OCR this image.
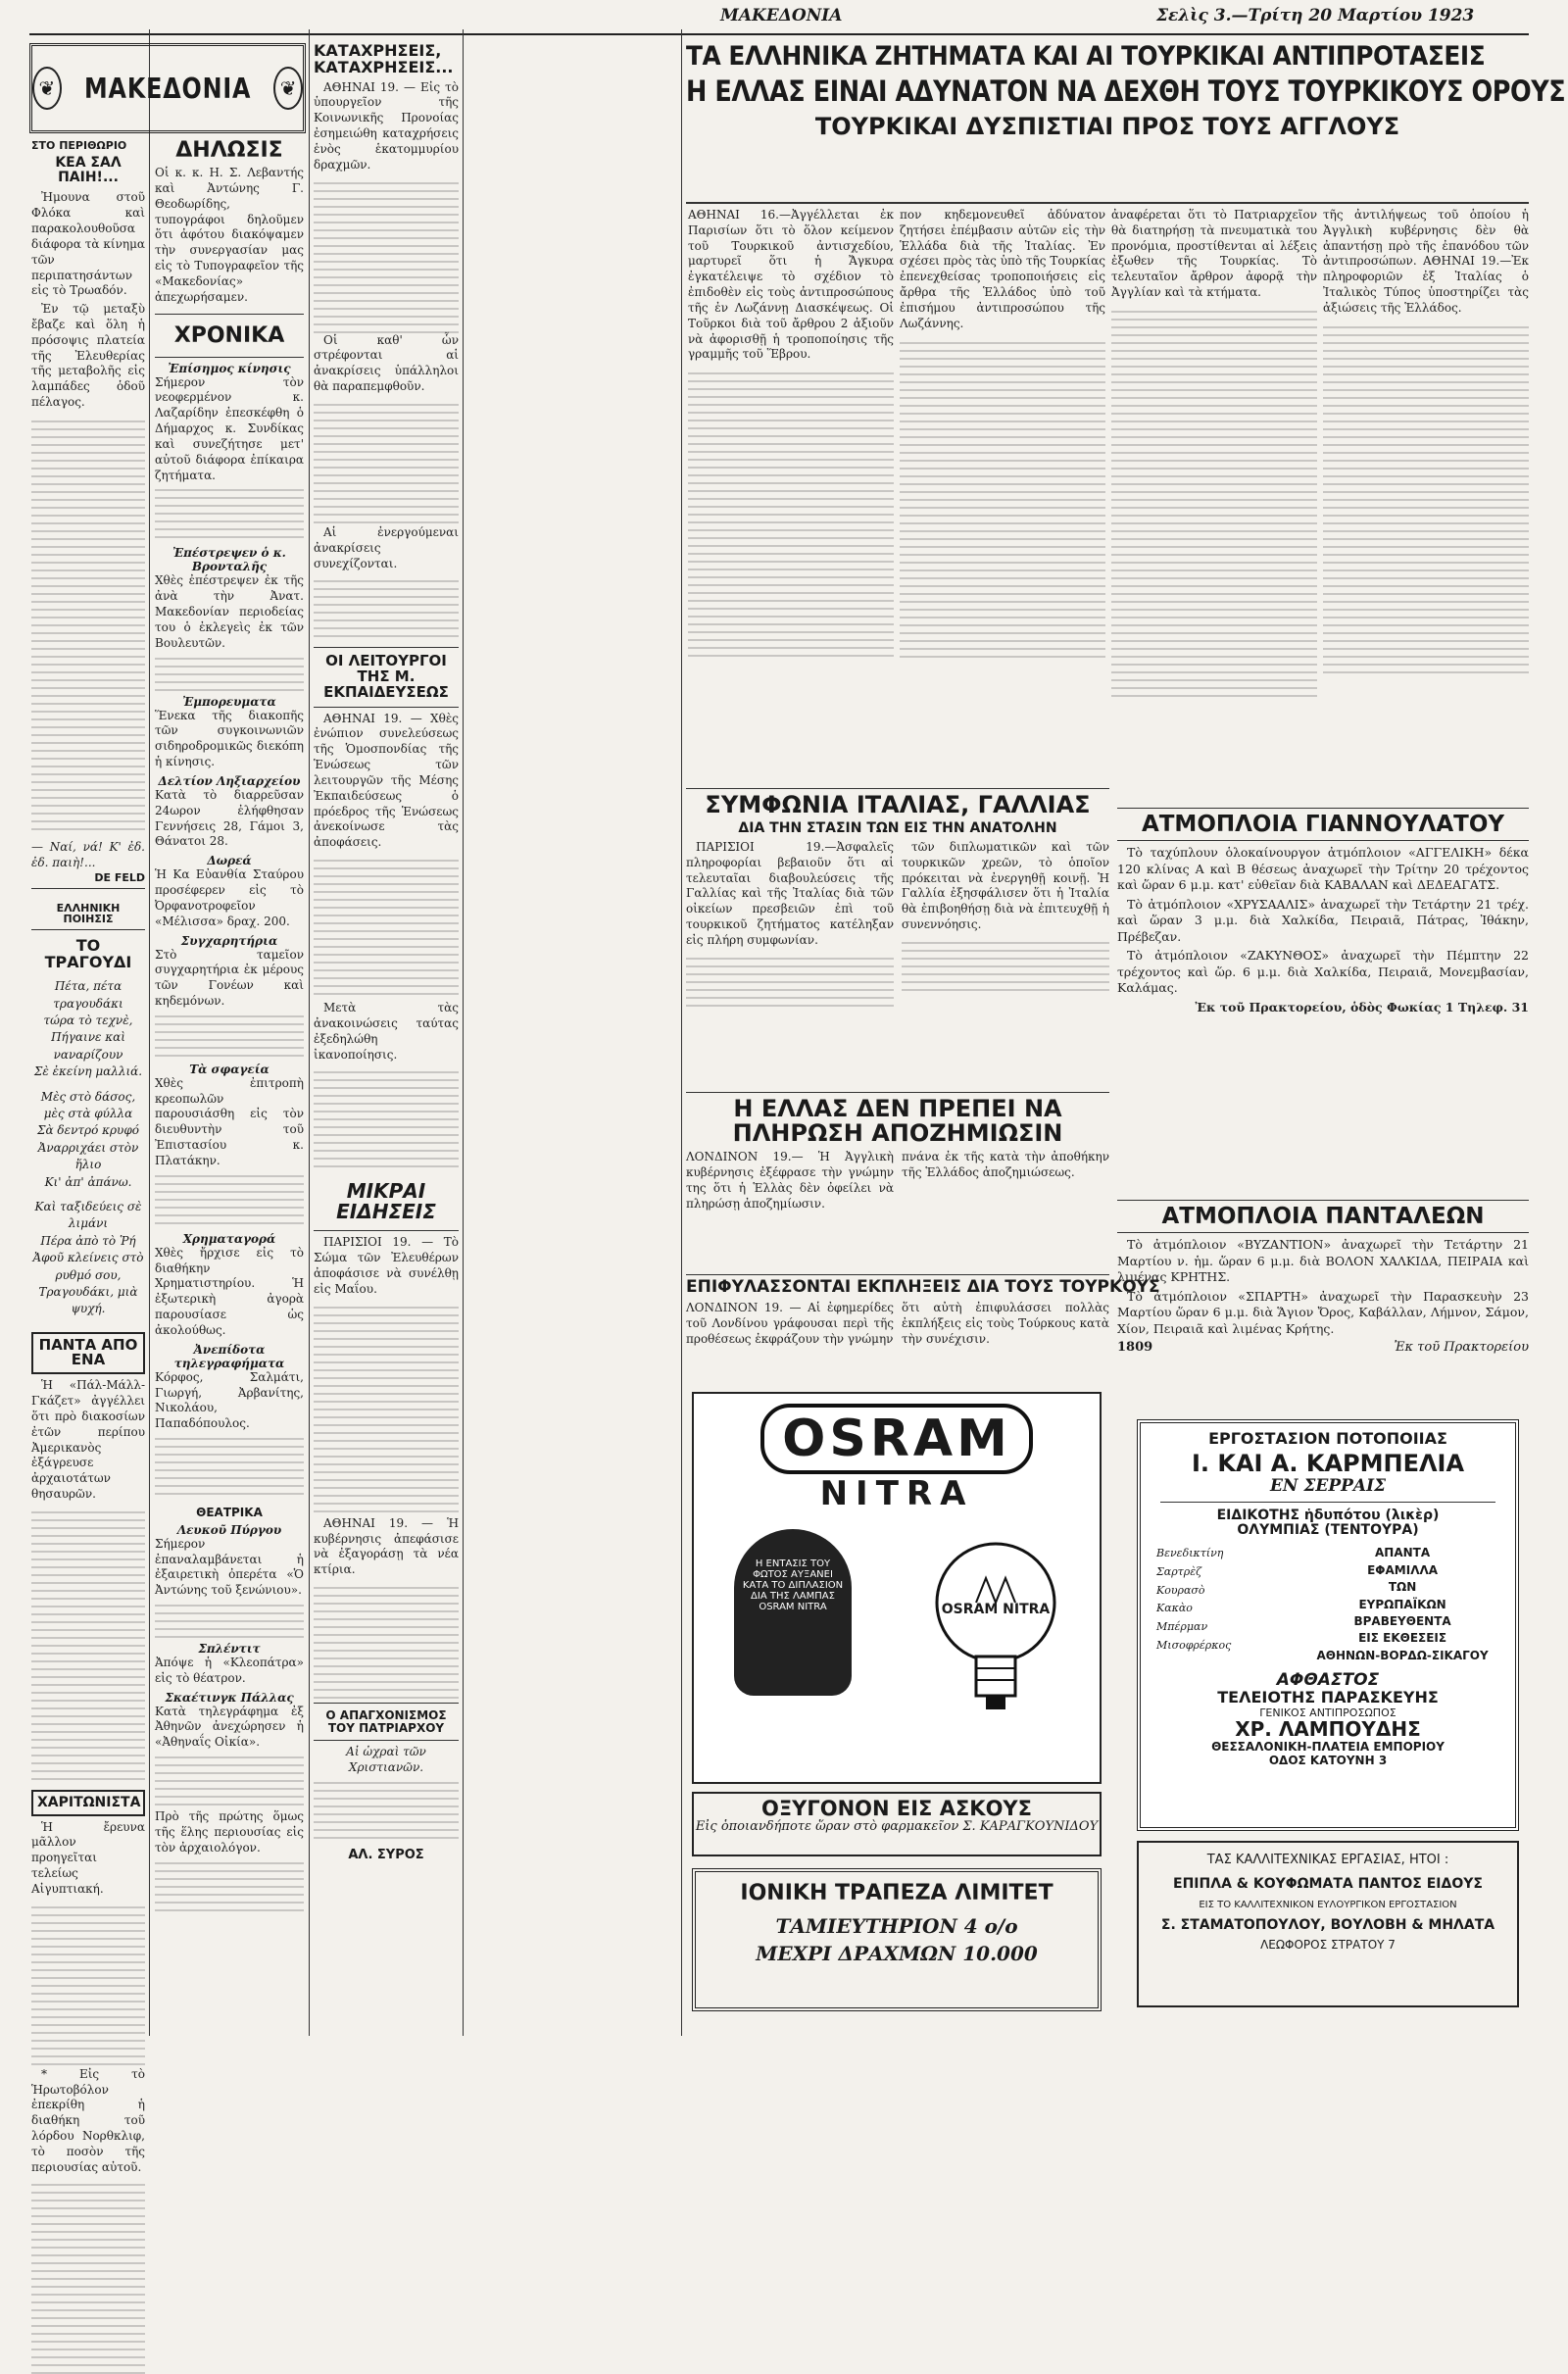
ΜΑΚΕΔΟΝΙΑ	Σελὶς 3.—Τρίτη 20 Μαρτίου 1923
❦ ΜΑΚΕΔΟΝΙΑ	❦
ΣΤΟ ΠΕΡΙΘΩΡΙΟ
ΚΕΑ ΣΑΛ ΠΑΙΗ!...

Ἠμουνα στοῦ Φλόκα καὶ παρακολουθοῦσα διάφορα τὰ κίνημα τῶν περιπατησάντων εἰς τὸ Τρωαδόν.

Ἐν τῷ μεταξὺ ἔβαζε καὶ ὅλη ἡ πρόσοψις πλατεία τῆς Ἐλευθερίας τῆς μεταβολῆς εἰς λαμπάδες ὁδοῦ πέλαγος.

— Ναί, νά! Κ' ἐδ. ἐδ. παιὴ!...
DE FELD
ΕΛΛΗΝΙΚΗ ΠΟΙΗΣΙΣ
ΤΟ ΤΡΑΓΟΥΔΙ
Πέτα, πέτα τραγουδάκι
τώρα τὸ τεχνὲ,
Πήγαινε καὶ ναναρίζουν
Σὲ ἐκείνη μαλλιά.
Μὲς στὸ δάσος, μὲς στὰ φύλλα
Σὰ δεντρό κρυφό
Ἀναρριχάει στὸν ἥλιο
Κι' ἀπ' ἀπάνω.
Καὶ ταξιδεύεις σὲ λιμάνι
Πέρα ἀπὸ τὸ Ῥή
Ἀφοῦ κλείνεις στὸ ρυθμό σου,
Τραγουδάκι, μιὰ ψυχή.
ΠΑΝΤΑ ΑΠΟ ΕΝΑ

Ἡ «Πάλ-Μάλλ-Γκάζετ» ἀγγέλλει ὅτι πρὸ διακοσίων ἐτῶν περίπου Ἀμερικανὸς ἐξάγρευσε ἀρχαιοτάτων θησαυρῶν.

ΧΑΡΙΤΩΝΙΣΤΑ

Ἡ ἔρευνα μᾶλλον προηγεῖται τελείως Αἰγυπτιακή.

* Εἰς τὸ Ἡρωτοβόλον ἐπεκρίθη ἡ διαθήκη τοῦ λόρδου Νορθκλιφ, τὸ ποσὸν τῆς περιουσίας αὐτοῦ.

ΔΗΛΩΣΙΣ
Οἱ κ. κ. Η. Σ. Λεβαντής καὶ Ἀντώνης Γ. Θεοδωρίδης, τυπογράφοι δηλοῦμεν ὅτι ἀφότου διακόψαμεν τὴν συνεργασίαν μας εἰς τὸ Τυπογραφεῖον τῆς «Μακεδονίας» ἀπεχωρήσαμεν.
ΧΡΟΝΙΚΑ
Ἐπίσημος κίνησις
Σήμερον τὸν νεοφερμένον κ. Λαζαρίδην ἐπεσκέφθη ὁ Δήμαρχος κ. Συνδίκας καὶ συνεζήτησε μετ' αὐτοῦ διάφορα ἐπίκαιρα ζητήματα.
Ἐπέστρεψεν ὁ κ. Βρονταλῆς
Χθὲς ἐπέστρεψεν ἐκ τῆς ἀνὰ τὴν Ἀνατ. Μακεδονίαν περιοδείας του ὁ ἐκλεγεὶς ἐκ τῶν Βουλευτῶν.
Ἐμπορευματα
Ἕνεκα τῆς διακοπῆς τῶν συγκοινωνιῶν σιδηροδρομικῶς διεκόπη ἡ κίνησις.
Δελτίον Ληξιαρχείου
Κατὰ τὸ διαρρεῦσαν 24ωρον ἐλήφθησαν Γεννήσεις 28, Γάμοι 3, Θάνατοι 28.
Δωρεά
Ἡ Κα Εὐανθία Σταύρου προσέφερεν εἰς τὸ Ὀρφανοτροφεῖον «Μέλισσα» δραχ. 200.
Συγχαρητήρια
Στὸ ταμεῖον συγχαρητήρια ἐκ μέρους τῶν Γονέων καὶ κηδεμόνων.
Τὰ σφαγεία
Χθὲς ἐπιτροπὴ κρεοπωλῶν παρουσιάσθη εἰς τὸν διευθυντὴν τοῦ Ἐπιστασίου κ. Πλατάκην.
Χρηματαγορά
Χθὲς ἤρχισε εἰς τὸ διαθήκην Χρηματιστηρίου. Ἡ ἐξωτερικὴ ἀγορὰ παρουσίασε ὡς ἀκολούθως.
Ἀνεπίδοτα τηλεγραφήματα
Κόρφος, Σαλμάτι, Γιωργή, Ἀρβανίτης, Νικολάου, Παπαδόπουλος.
ΘΕΑΤΡΙΚΑ
Λευκοῦ Πύργου
Σήμερον ἐπαναλαμβάνεται ἡ ἐξαιρετικὴ ὀπερέτα «Ὁ Ἀντώνης τοῦ ξενώνιου».
Σπλέντιτ
Ἀπόψε ἡ «Κλεοπάτρα» εἰς τὸ θέατρον.
Σκαέτινγκ Πάλλας
Κατὰ τηλεγράφημα ἐξ Ἀθηνῶν ἀνεχώρησεν ἡ «Ἀθηναΐς Οἰκία».
Πρὸ τῆς πρώτης ὅμως τῆς ἕλης περιουσίας εἰς τὸν ἀρχαιολόγον.
ΚΑΤΑΧΡΗΣΕΙΣ, ΚΑΤΑΧΡΗΣΕΙΣ...

ΑΘΗΝΑΙ 19. — Εἰς τὸ ὑπουργεῖον τῆς Κοινωνικῆς Προνοίας ἐσημειώθη καταχρήσεις ἑνὸς ἑκατομμυρίου δραχμῶν.

Οἱ καθ' ὧν στρέφονται αἱ ἀνακρίσεις ὑπάλληλοι θὰ παραπεμφθοῦν.

Αἱ ἐνεργούμεναι ἀνακρίσεις συνεχίζονται.

ΟΙ ΛΕΙΤΟΥΡΓΟΙ ΤΗΣ Μ. ΕΚΠΑΙΔΕΥΣΕΩΣ

ΑΘΗΝΑΙ 19. — Χθὲς ἐνώπιον συνελεύσεως τῆς Ὁμοσπονδίας τῆς Ἑνώσεως τῶν λειτουργῶν τῆς Μέσης Ἐκπαιδεύσεως ὁ πρόεδρος τῆς Ἑνώσεως ἀνεκοίνωσε τὰς ἀποφάσεις.

Μετὰ τὰς ἀνακοινώσεις ταύτας ἐξεδηλώθη ἰκανοποίησις.

ΜΙΚΡΑΙ ΕΙΔΗΣΕΙΣ

ΠΑΡΙΣΙΟΙ 19. — Τὸ Σώμα τῶν Ἐλευθέρων ἀποφάσισε νὰ συνέλθῃ εἰς Μαΐου.

ΑΘΗΝΑΙ 19. — Ἡ κυβέρνησις ἀπεφάσισε νὰ ἐξαγοράσῃ τὰ νέα κτίρια.

Ο ΑΠΑΓΧΟΝΙΣΜΟΣ ΤΟΥ ΠΑΤΡΙΑΡΧΟΥ
Αἱ ὠχραὶ τῶν Χριστιανῶν.
ΑΛ. ΣΥΡΟΣ
ΤΑ ΕΛΛΗΝΙΚΑ ΖΗΤΗΜΑΤΑ ΚΑΙ ΑΙ ΤΟΥΡΚΙΚΑΙ ΑΝΤΙΠΡΟΤΑΣΕΙΣ
Η ΕΛΛΑΣ ΕΙΝΑΙ ΑΔΥΝΑΤΟΝ ΝΑ ΔΕΧΘΗ ΤΟΥΣ ΤΟΥΡΚΙΚΟΥΣ ΟΡΟΥΣ
ΤΟΥΡΚΙΚΑΙ ΔΥΣΠΙΣΤΙΑΙ ΠΡΟΣ ΤΟΥΣ ΑΓΓΛΟΥΣ
ΑΘΗΝΑΙ 16.—Ἀγγέλλεται ἐκ Παρισίων ὅτι τὸ ὅλον κείμενον τοῦ Τουρκικοῦ ἀντισχεδίου, μαρτυρεῖ ὅτι ἡ Ἄγκυρα ἐγκατέλειψε τὸ σχέδιον τὸ ἐπιδοθὲν εἰς τοὺς ἀντιπροσώπους τῆς ἐν Λωζάννῃ Διασκέψεως. Οἱ Τοῦρκοι διὰ τοῦ ἄρθρου 2 ἀξιοῦν νὰ ἀφορισθῇ ἡ τροποποίησις τῆς γραμμῆς τοῦ Ἕβρου.
πον κηδεμονευθεῖ ἀδύνατον ζητήσει ἐπέμβασιν αὐτῶν εἰς τὴν Ἑλλάδα διὰ τῆς Ἰταλίας. Ἐν σχέσει πρὸς τὰς ὑπὸ τῆς Τουρκίας ἐπενεχθείσας τροποποιήσεις εἰς ἄρθρα τῆς Ἑλλάδος ὑπὸ τοῦ ἐπισήμου ἀντιπροσώπου τῆς Λωζάννης.
ἀναφέρεται ὅτι τὸ Πατριαρχεῖον θὰ διατηρήσῃ τὰ πνευματικὰ του προνόμια, προστίθενται αἱ λέξεις ἐξωθεν τῆς Τουρκίας. Τὸ τελευταῖον ἄρθρον ἀφορᾷ τὴν Ἀγγλίαν καὶ τὰ κτήματα.
τῆς ἀντιλήψεως τοῦ ὁποίου ἡ Ἀγγλικὴ κυβέρνησις δὲν θὰ ἀπαντήσῃ πρὸ τῆς ἐπανόδου τῶν ἀντιπροσώπων. ΑΘΗΝΑΙ 19.—Ἐκ πληροφοριῶν ἐξ Ἰταλίας ὁ Ἰταλικὸς Τύπος ὑποστηρίζει τὰς ἀξιώσεις τῆς Ἑλλάδος.
ΣΥΜΦΩΝΙΑ ΙΤΑΛΙΑΣ, ΓΑΛΛΙΑΣ
ΔΙΑ ΤΗΝ ΣΤΑΣΙΝ ΤΩΝ ΕΙΣ ΤΗΝ ΑΝΑΤΟΛΗΝ

ΠΑΡΙΣΙΟΙ 19.—Ἀσφαλεῖς πληροφορίαι βεβαιοῦν ὅτι αἱ τελευταῖαι διαβουλεύσεις τῆς Γαλλίας καὶ τῆς Ἰταλίας διὰ τῶν οἰκείων πρεσβειῶν ἐπὶ τοῦ τουρκικοῦ ζητήματος κατέληξαν εἰς πλήρη συμφωνίαν.

τῶν διπλωματικῶν καὶ τῶν τουρκικῶν χρεῶν, τὸ ὁποῖον πρόκειται νὰ ἐνεργηθῇ κοινῇ. Ἡ Γαλλία ἐξησφάλισεν ὅτι ἡ Ἰταλία θὰ ἐπιβοηθήσῃ διὰ νὰ ἐπιτευχθῇ ἡ συνεννόησις.

Η ΕΛΛΑΣ ΔΕΝ ΠΡΕΠΕΙ ΝΑ ΠΛΗΡΩΣΗ ΑΠΟΖΗΜΙΩΣΙΝ
ΛΟΝΔΙΝΟΝ 19.— Ἡ Ἀγγλικὴ κυβέρνησις ἐξέφρασε τὴν γνώμην της ὅτι ἡ Ἑλλὰς δὲν ὀφείλει νὰ πληρώσῃ ἀποζημίωσιν.
πνάνα ἐκ τῆς κατὰ τὴν ἀποθήκην τῆς Ἑλλάδος ἀποζημιώσεως.
ΕΠΙΦΥΛΑΣΣΟΝΤΑΙ ΕΚΠΛΗΞΕΙΣ ΔΙΑ ΤΟΥΣ ΤΟΥΡΚΟΥΣ
ΛΟΝΔΙΝΟΝ 19. — Αἱ ἐφημερίδες τοῦ Λονδίνου γράφουσαι περὶ τῆς προθέσεως ἐκφράζουν τὴν γνώμην
ὅτι αὐτὴ ἐπιφυλάσσει πολλὰς ἐκπλήξεις εἰς τοὺς Τούρκους κατὰ τὴν συνέχισιν.
OSRAM
NITRA
Η ΕΝΤΑΣΙΣ ΤΟΥ ΦΩΤΟΣ ΑΥΞΑΝΕΙ ΚΑΤΑ ΤΟ ΔΙΠΛΑΣΙΟΝ ΔΙΑ ΤΗΣ ΛΑΜΠΑΣ OSRAM NITRA	OSRAM NITRA
ΟΞΥΓΟΝΟΝ ΕΙΣ ΑΣΚΟΥΣ
Εἰς ὁποιανδήποτε ὥραν στὸ φαρμακεῖον Σ. ΚΑΡΑΓΚΟΥΝΙΔΟΥ
ΙΟΝΙΚΗ ΤΡΑΠΕΖΑ ΛΙΜΙΤΕΤ
ΤΑΜΙΕΥΤΗΡΙΟΝ 4 ο/ο
ΜΕΧΡΙ ΔΡΑΧΜΩΝ 10.000
ΑΤΜΟΠΛΟΙΑ ΓΙΑΝΝΟΥΛΑΤΟΥ

Τὸ ταχύπλουν ὁλοκαίνουργον ἀτμόπλοιον «ΑΓΓΕΛΙΚΗ» δέκα 120 κλίνας Α καὶ Β θέσεως ἀναχωρεῖ τὴν Τρίτην 20 τρέχοντος καὶ ὥραν 6 μ.μ. κατ' εὐθεῖαν διὰ ΚΑΒΑΛΑΝ καὶ ΔΕΔΕΑΓΑΤΣ.

Τὸ ἀτμόπλοιον «ΧΡΥΣΑΑΛΙΣ» ἀναχωρεῖ τὴν Τετάρτην 21 τρέχ. καὶ ὥραν 3 μ.μ. διὰ Χαλκίδα, Πειραιᾶ, Πάτρας, Ἰθάκην, Πρέβεζαν.

Τὸ ἀτμόπλοιον «ΖΑΚΥΝΘΟΣ» ἀναχωρεῖ τὴν Πέμπτην 22 τρέχοντος καὶ ὥρ. 6 μ.μ. διὰ Χαλκίδα, Πειραιᾶ, Μονεμβασίαν, Καλάμας.

Ἐκ τοῦ Πρακτορείου, ὁδὸς Φωκίας 1 Τηλεφ. 31

ΑΤΜΟΠΛΟΙΑ ΠΑΝΤΑΛΕΩΝ

Τὸ ἀτμόπλοιον «ΒΥΖΑΝΤΙΟΝ» ἀναχωρεῖ τὴν Τετάρτην 21 Μαρτίου ν. ἡμ. ὥραν 6 μ.μ. διὰ ΒΟΛΟΝ ΧΑΛΚΙΔΑ, ΠΕΙΡΑΙΑ καὶ λιμένας ΚΡΗΤΗΣ.

Τὸ ἀτμόπλοιον «ΣΠΑΡΤΗ» ἀναχωρεῖ τὴν Παρασκευὴν 23 Μαρτίου ὥραν 6 μ.μ. διὰ Ἅγιον Ὄρος, Καβάλλαν, Λήμνον, Σάμον, Χίον, Πειραιᾶ καὶ λιμένας Κρήτης.

1809	Ἐκ τοῦ Πρακτορείου
ΕΡΓΟΣΤΑΣΙΟΝ ΠΟΤΟΠΟΙΙΑΣ
Ι. ΚΑΙ Α. ΚΑΡΜΠΕΛΙΑ
ΕΝ ΣΕΡΡΑΙΣ
ΕΙΔΙΚΟΤΗΣ ἡδυπότου (λικὲρ)
ΟΛΥΜΠΙΑΣ (ΤΕΝΤΟΥΡΑ)
Βενεδικτίνη
Σαρτρὲζ
Κουρασὸ
Κακὰο
Μπέρμαν
Μισοφρέρκος
ΑΠΑΝΤΑ
ΕΦΑΜΙΛΛΑ
ΤΩΝ
ΕΥΡΩΠΑΪΚΩΝ
ΒΡΑΒΕΥΘΕΝΤΑ
ΕΙΣ ΕΚΘΕΣΕΙΣ
ΑΘΗΝΩΝ-ΒΟΡΔΩ-ΣΙΚΑΓΟΥ
ΑΦΘΑΣΤΟΣ
ΤΕΛΕΙΟΤΗΣ ΠΑΡΑΣΚΕΥΗΣ
ΓΕΝΙΚΟΣ ΑΝΤΙΠΡΟΣΩΠΟΣ
ΧΡ. ΛΑΜΠΟΥΔΗΣ
ΘΕΣΣΑΛΟΝΙΚΗ-ΠΛΑΤΕΙΑ ΕΜΠΟΡΙΟΥ
ΟΔΟΣ ΚΑΤΟΥΝΗ 3
ΤΑΣ ΚΑΛΛΙΤΕΧΝΙΚΑΣ ΕΡΓΑΣΙΑΣ, ΗΤΟΙ :
ΕΠΙΠΛΑ & ΚΟΥΦΩΜΑΤΑ ΠΑΝΤΟΣ ΕΙΔΟΥΣ
ΕΙΣ ΤΟ ΚΑΛΛΙΤΕΧΝΙΚΟΝ ΕΥΛΟΥΡΓΙΚΟΝ ΕΡΓΟΣΤΑΣΙΟΝ
Σ. ΣΤΑΜΑΤΟΠΟΥΛΟΥ, ΒΟΥΛΟΒΗ & ΜΗΛΑΤΑ
ΛΕΩΦΟΡΟΣ ΣΤΡΑΤΟΥ 7
